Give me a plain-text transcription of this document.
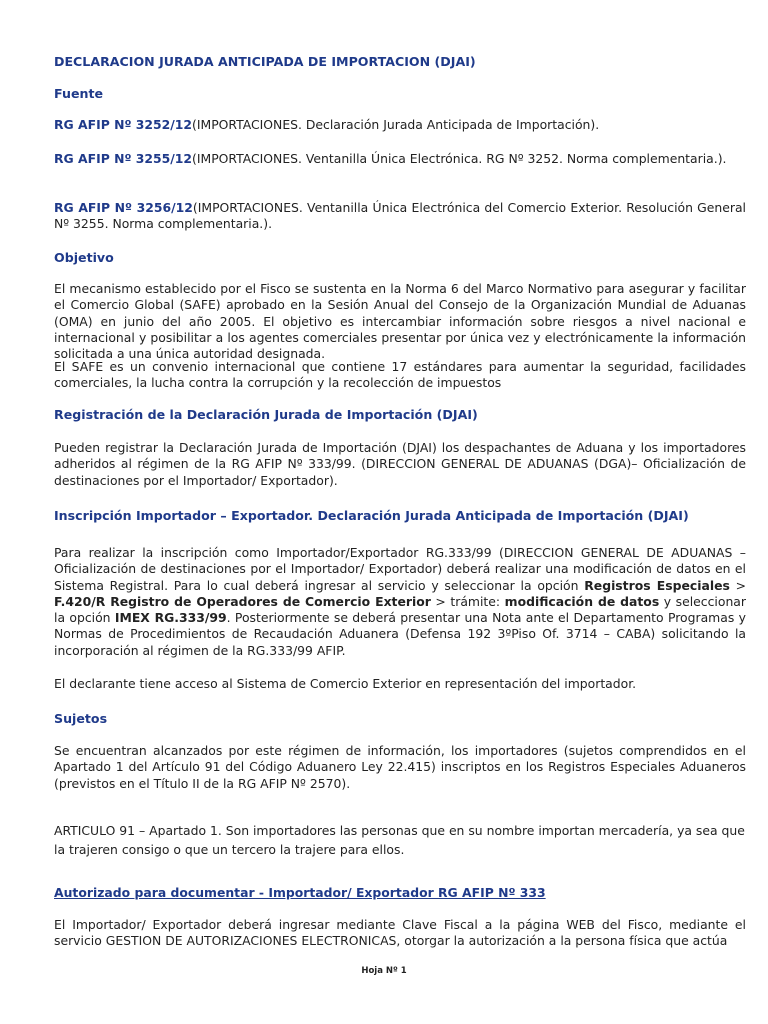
DECLARACION JURADA ANTICIPADA DE IMPORTACION (DJAI)
Fuente
RG AFIP Nº 3252/12(IMPORTACIONES. Declaración Jurada Anticipada de Importación).
RG AFIP Nº 3255/12(IMPORTACIONES. Ventanilla Única Electrónica. RG Nº 3252. Norma complementaria.).
RG AFIP Nº 3256/12(IMPORTACIONES. Ventanilla Única Electrónica del Comercio Exterior. Resolución General Nº 3255. Norma complementaria.).
Objetivo
El mecanismo establecido por el Fisco se sustenta en la Norma 6 del Marco Normativo para asegurar y facilitar el Comercio Global (SAFE) aprobado en la Sesión Anual del Consejo de la Organización Mundial de Aduanas (OMA) en junio del año 2005. El objetivo es intercambiar información sobre riesgos a nivel nacional e internacional y posibilitar a los agentes comerciales presentar por única vez y electrónicamente la información solicitada a una única autoridad designada.
El SAFE es un convenio internacional que contiene 17 estándares para aumentar la seguridad, facilidades comerciales, la lucha contra la corrupción y la recolección de impuestos
Registración de la Declaración Jurada de Importación (DJAI)
Pueden registrar la Declaración Jurada de Importación (DJAI) los despachantes de Aduana y los importadores adheridos al régimen de la RG AFIP Nº 333/99. (DIRECCION GENERAL DE ADUANAS (DGA)– Oficialización de destinaciones por el Importador/ Exportador).
Inscripción Importador – Exportador. Declaración Jurada Anticipada de Importación (DJAI)
Para realizar la inscripción como Importador/Exportador RG.333/99 (DIRECCION GENERAL DE ADUANAS – Oficialización de destinaciones por el Importador/ Exportador) deberá realizar una modificación de datos en el Sistema Registral. Para lo cual deberá ingresar al servicio y seleccionar la opción Registros Especiales > F.420/R Registro de Operadores de Comercio Exterior > trámite: modificación de datos y seleccionar la opción IMEX RG.333/99. Posteriormente se deberá presentar una Nota ante el Departamento Programas y Normas de Procedimientos de Recaudación Aduanera (Defensa 192 3ºPiso Of. 3714 – CABA) solicitando la incorporación al régimen de la RG.333/99 AFIP.
El declarante tiene acceso al Sistema de Comercio Exterior en representación del importador.
Sujetos
Se encuentran alcanzados por este régimen de información, los importadores (sujetos comprendidos en el Apartado 1 del Artículo 91 del Código Aduanero Ley 22.415) inscriptos en los Registros Especiales Aduaneros (previstos en el Título II de la RG AFIP Nº 2570).
ARTICULO 91 – Apartado 1. Son importadores las personas que en su nombre importan mercadería, ya sea que la trajeren consigo o que un tercero la trajere para ellos.
Autorizado para documentar - Importador/ Exportador RG AFIP Nº 333
El Importador/ Exportador deberá ingresar mediante Clave Fiscal a la página WEB del Fisco, mediante el servicio GESTION DE AUTORIZACIONES ELECTRONICAS, otorgar la autorización a la persona física que actúa
Hoja Nº 1
